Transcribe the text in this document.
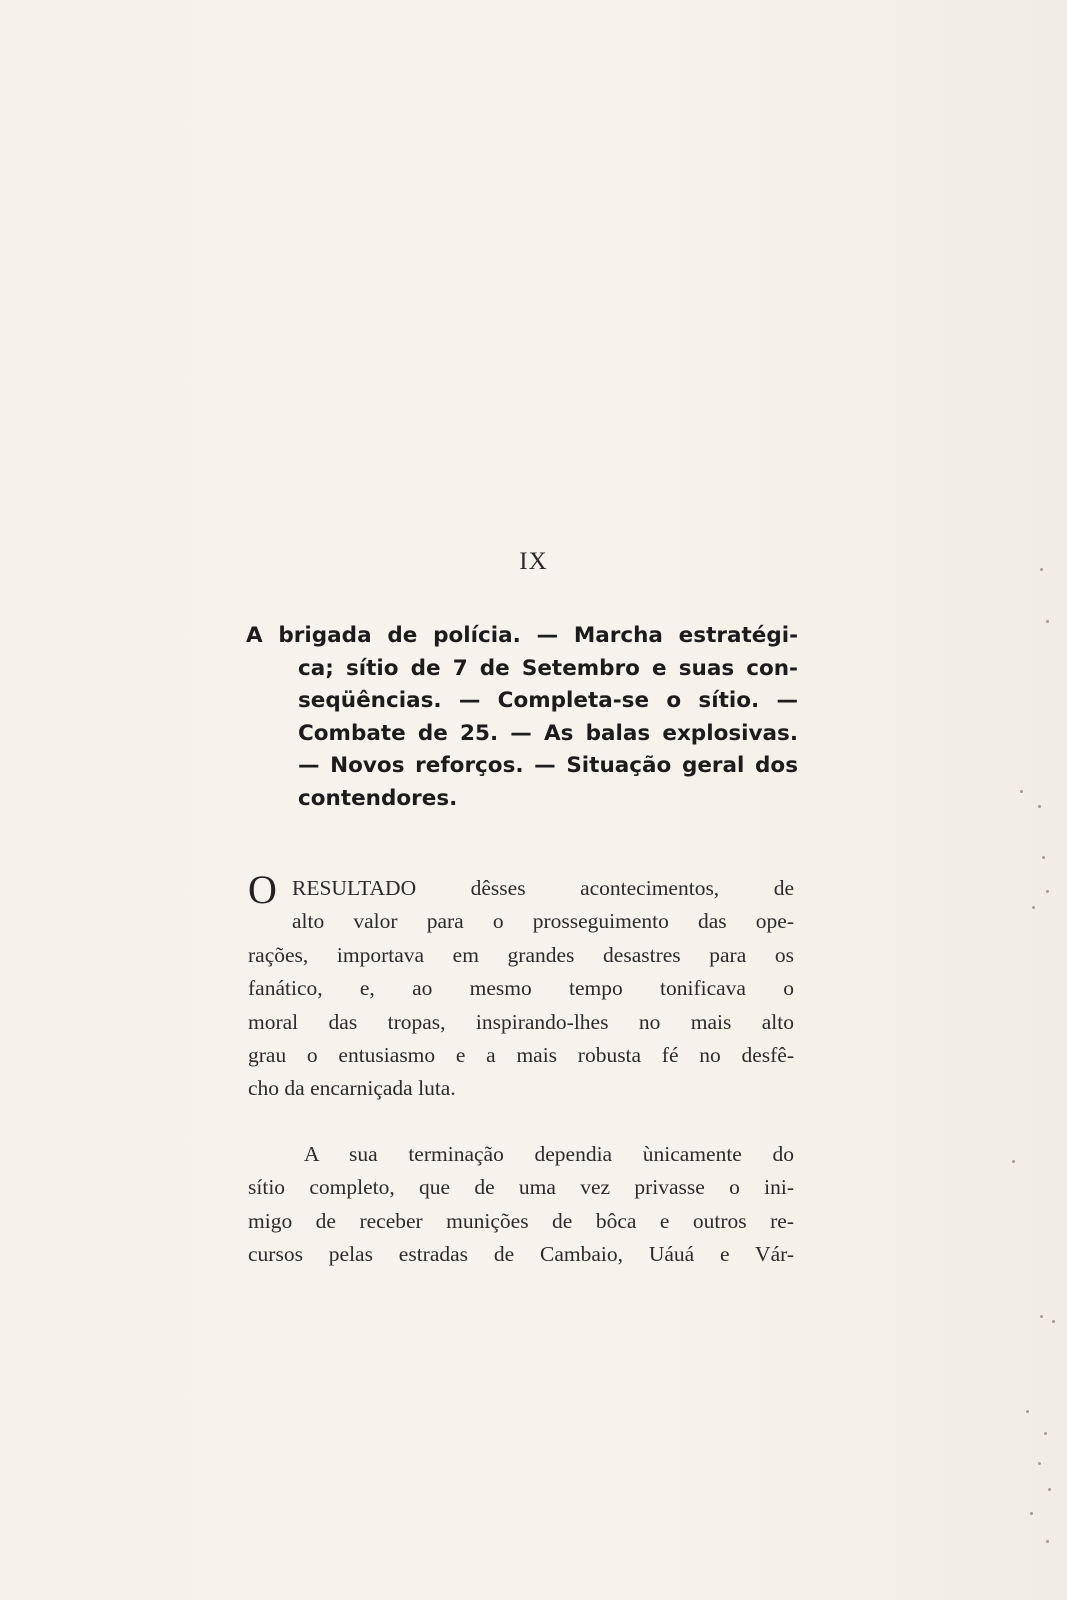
IX
A brigada de polícia. — Marcha estratégi-
ca; sítio de 7 de Setembro e suas con-
seqüências. — Completa-se o sítio. —
Combate de 25. — As balas explosivas.
— Novos reforços. — Situação geral dos
contendores.
O RESULTADO dêsses acontecimentos, de
alto valor para o prosseguimento das ope-
rações, importava em grandes desastres para os
fanático, e, ao mesmo tempo tonificava o
moral das tropas, inspirando-lhes no mais alto
grau o entusiasmo e a mais robusta fé no desfê-
cho da encarniçada luta.
A sua terminação dependia ùnicamente do
sítio completo, que de uma vez privasse o ini-
migo de receber munições de bôca e outros re-
cursos pelas estradas de Cambaio, Uáuá e Vár-
